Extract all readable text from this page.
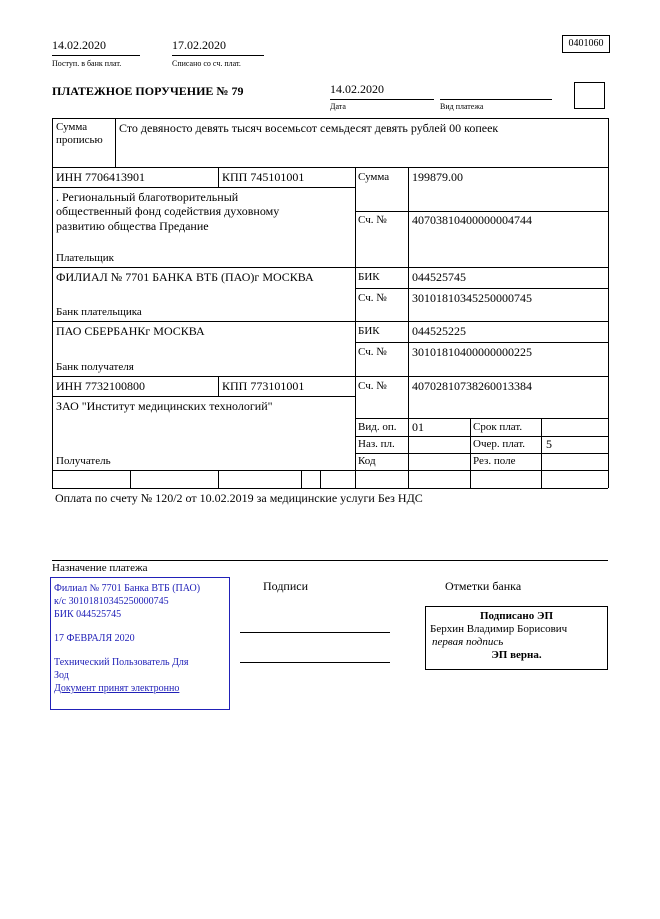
14.02.2020
Поступ. в банк плат.
17.02.2020
Списано со сч. плат.
0401060
ПЛАТЕЖНОЕ ПОРУЧЕНИЕ № 79	14.02.2020
Дата	Вид платежа
Сумма прописью
Сто девяносто девять тысяч восемьсот семьдесят девять рублей 00 копеек
ИНН 7706413901	КПП 745101001	Сумма 199879.00
. Региональный благотворительный общественный фонд содействия духовному развитию общества Предание	Сч. № 40703810400000004744
Плательщик
ФИЛИАЛ № 7701 БАНКА ВТБ (ПАО)г МОСКВА	БИК	044525745
Сч. № 30101810345250000745
Банк плательщика
ПАО СБЕРБАНКг МОСКВА	БИК	044525225
Сч. № 30101810400000000225
Банк получателя
ИНН 7732100800	КПП 773101001	Сч. № 40702810738260013384
ЗАО "Институт медицинских технологий"
Получатель
Вид. оп. 01	Срок плат.
Наз. пл.	Очер. плат. 5
Код	Рез. поле
Оплата по счету № 120/2 от 10.02.2019 за медицинские услуги Без НДС
Назначение платежа
Подписи	Отметки банка
Филиал № 7701 Банка ВТБ (ПАО)
к/с 30101810345250000745
БИК 044525745
17 ФЕВРАЛЯ 2020
Технический Пользователь Для
Зод
Документ принят электронно
Подписано ЭП
Берхин Владимир Борисович
первая подпись
ЭП верна.
